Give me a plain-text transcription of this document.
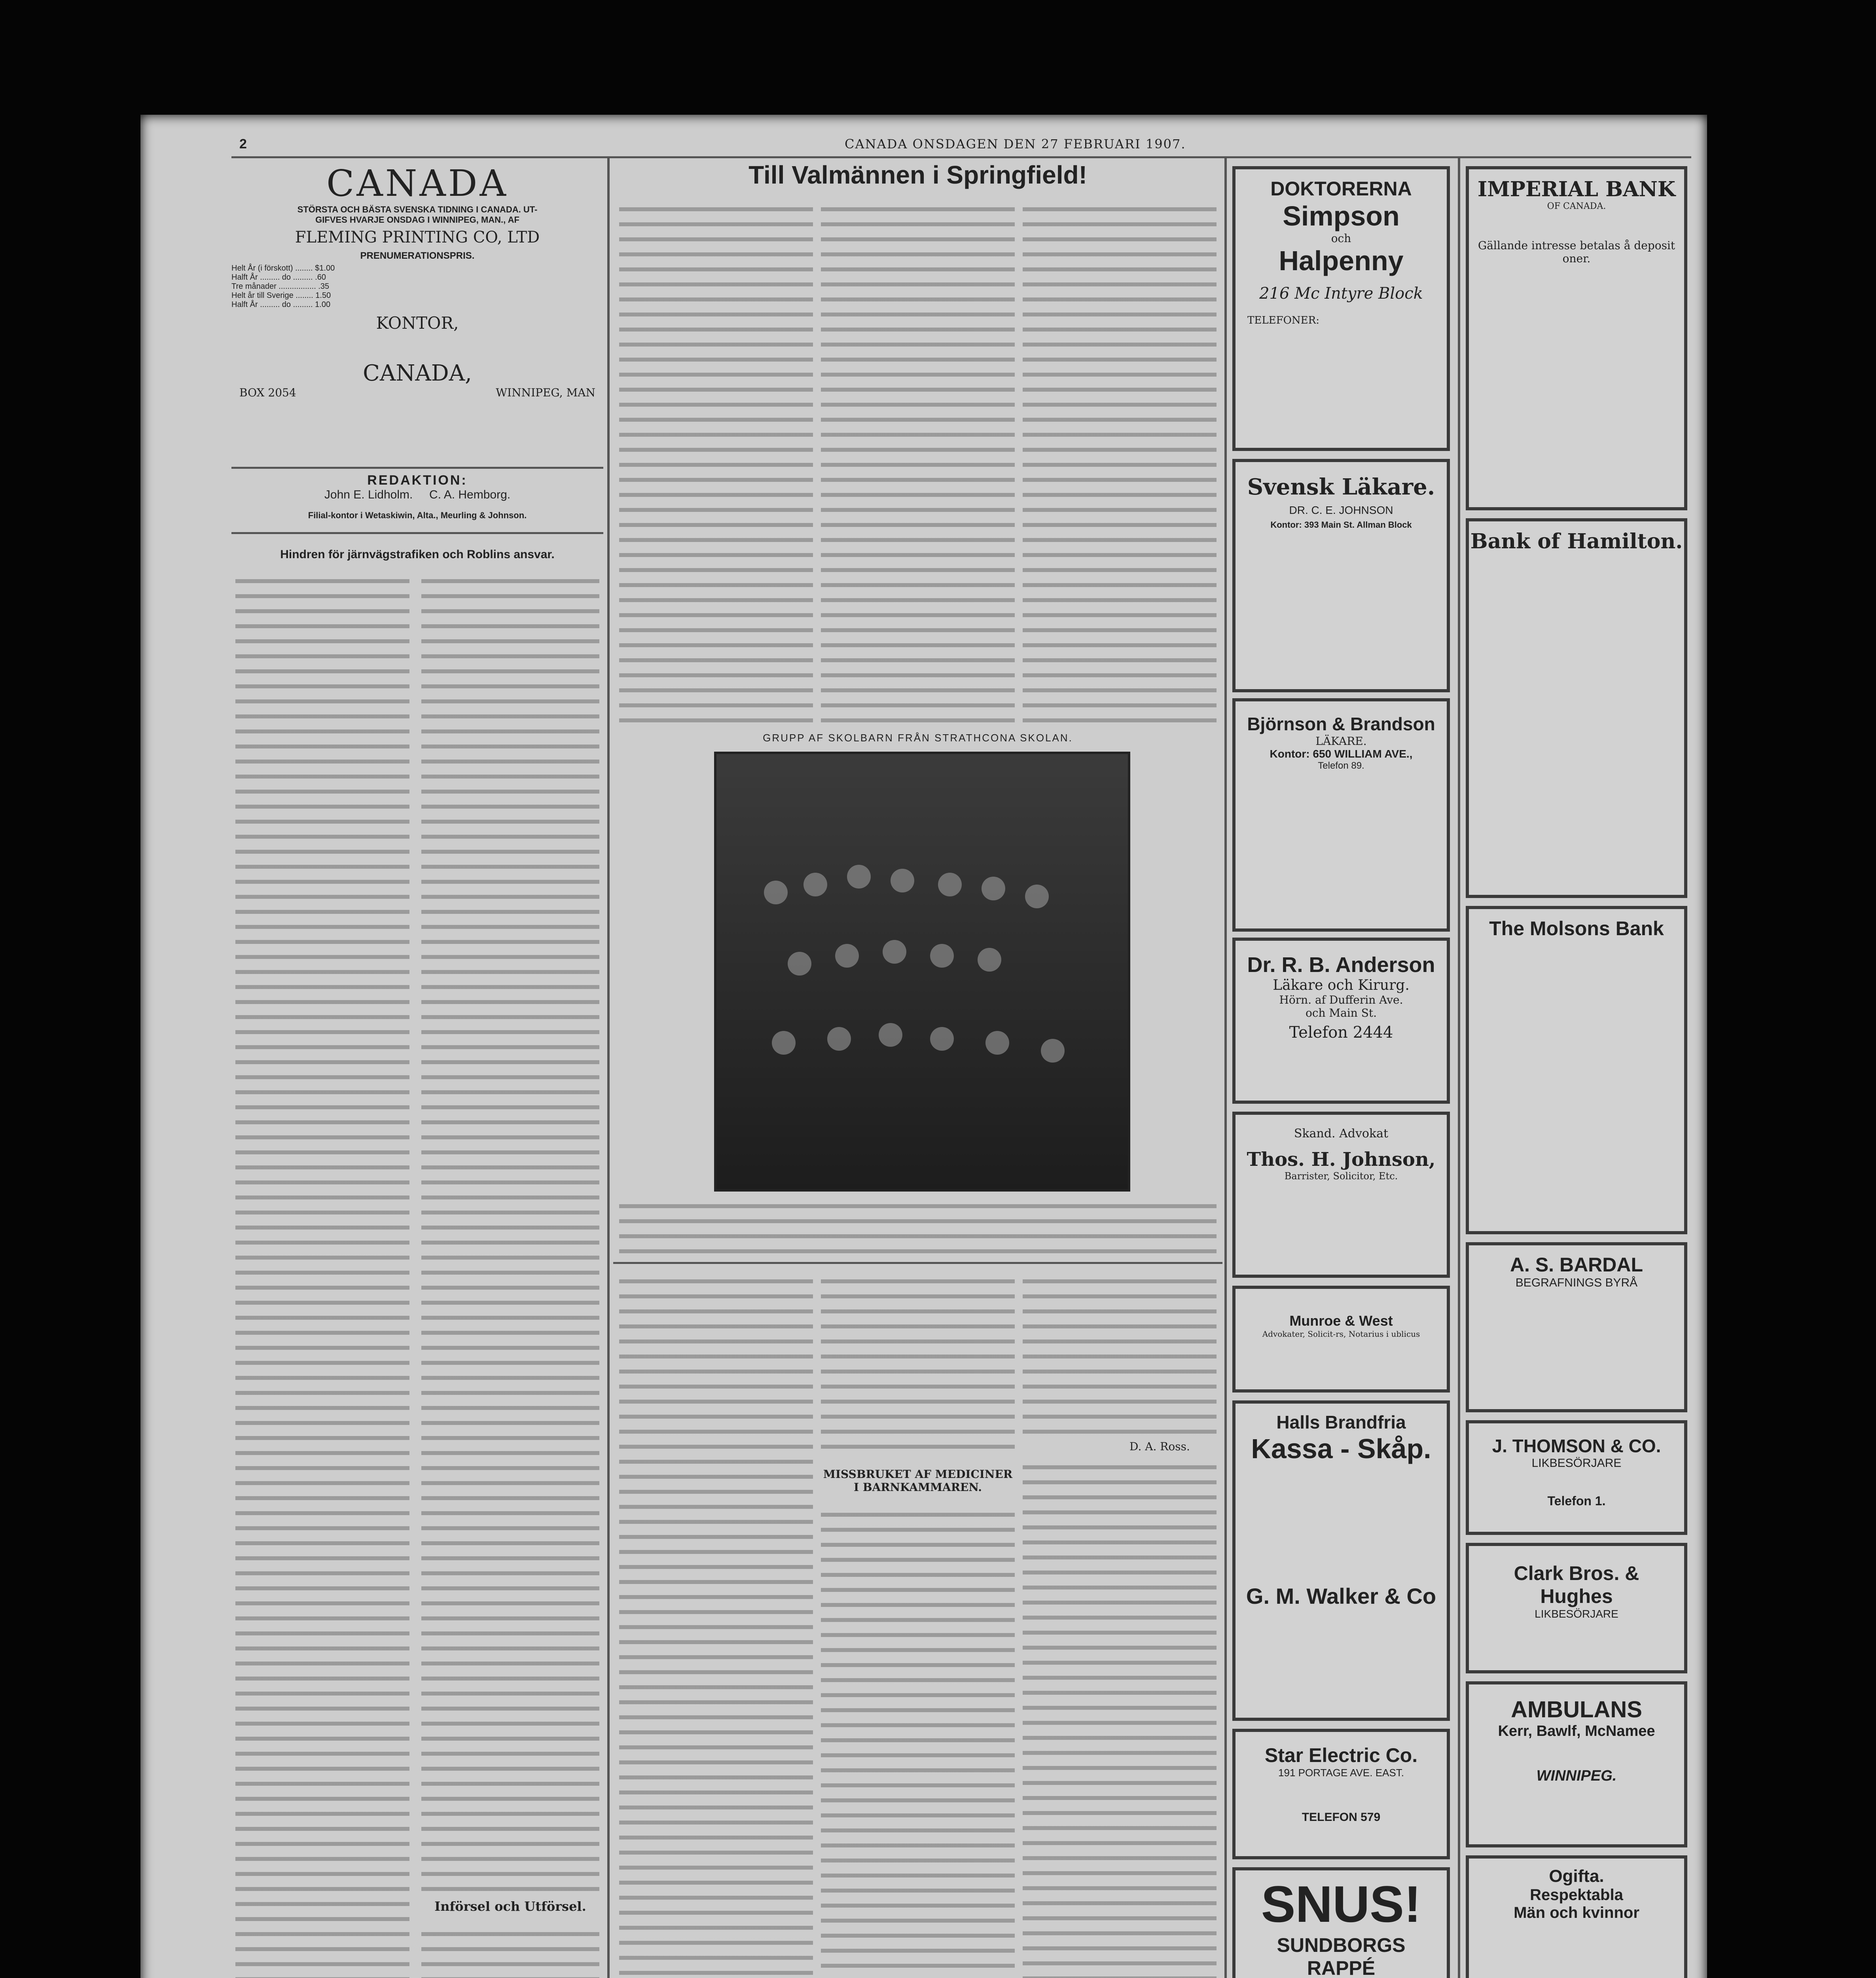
2	CANADA ONSDAGEN DEN 27 FEBRUARI 1907.
CANADA
STÖRSTA OCH BÄSTA SVENSKA TIDNING I CANADA. UT-
GIFVES HVARJE ONSDAG I WINNIPEG, MAN., AF
FLEMING PRINTING CO, LTD
PRENUMERATIONSPRIS.
Helt År (i förskott) ........ $1.00
Halft År ......... do ......... .60
Tre månader ................. .35
Helt år till Sverige ........ 1.50
Halft År ......... do ......... 1.00
KONTOR,
CANADA,
BOX 2054	WINNIPEG, MAN
REDAKTION:
John E. Lidholm.     C. A. Hemborg.
Filial-kontor i Wetaskiwin, Alta., Meurling & Johnson.
Hindren för järnvägstrafiken och Roblins ansvar.
Införsel och Utförsel.
Till Valmännen i Springfield!
GRUPP AF SKOLBARN FRÅN STRATHCONA SKOLAN.
MISSBRUKET AF MEDICINER I BARNKAMMAREN.
D. A. Ross.
DOKTORERNA
Simpson
och
Halpenny
216 Mc Intyre Block
TELEFONER:
Svensk Läkare.
DR. C. E. JOHNSON
Kontor: 393 Main St. Allman Block
Björnson & Brandson
LÄKARE.
Kontor: 650 WILLIAM AVE.,
Telefon 89.
Dr. R. B. Anderson
Läkare och Kirurg.
Hörn. af Dufferin Ave.
och Main St.
Telefon 2444
Skand. Advokat
Thos. H. Johnson,
Barrister, Solicitor, Etc.
Munroe & West
Advokater, Solicit-rs, Notarius i ublicus
Halls Brandfria
Kassa - Skåp.
G. M. Walker & Co
Star Electric Co.
191 PORTAGE AVE. EAST.
TELEFON 579
SNUS!
SUNDBORGS
RAPPÉ
IMPERIAL BANK
OF CANADA.
Gällande intresse betalas å deposit oner.
Bank of Hamilton.
The Molsons Bank
A. S. BARDAL
BEGRAFNINGS BYRÅ
J. THOMSON & CO.
LIKBESÖRJARE
Telefon 1.
Clark Bros. &
Hughes
LIKBESÖRJARE
AMBULANS
Kerr, Bawlf, McNamee
WINNIPEG.
Ogifta.
Respektabla
Män och kvinnor
